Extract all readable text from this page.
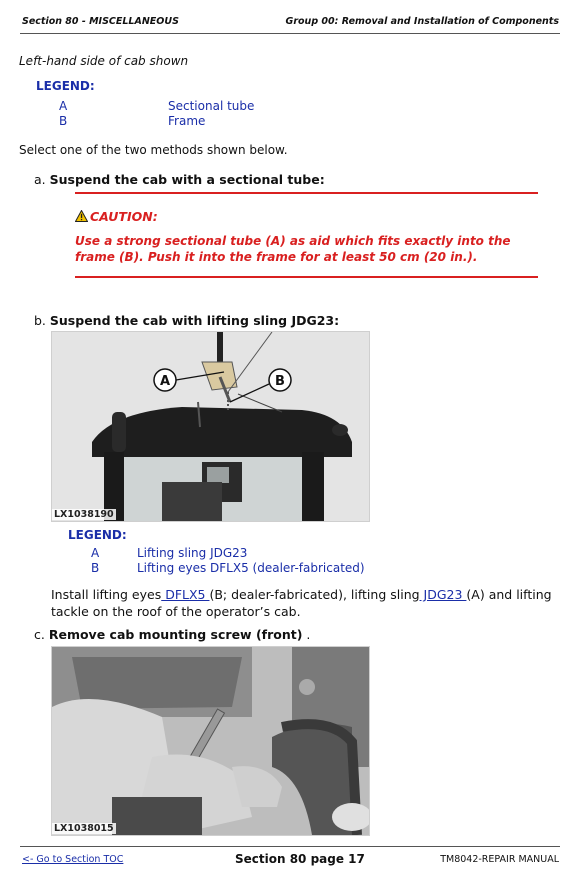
Section 80 - MISCELLANEOUS	Group 00: Removal and Installation of Components
Left-hand side of cab shown
LEGEND:
A	Sectional tube
B	Frame
Select one of the two methods shown below.
a. Suspend the cab with a sectional tube:
CAUTION:
Use a strong sectional tube (A) as aid which fits exactly into the frame (B). Push it into the frame for at least 50 cm (20 in.).
b. Suspend the cab with lifting sling JDG23:
A	B
LX1038190
LEGEND:
A	Lifting sling JDG23
B	Lifting eyes DFLX5 (dealer-fabricated)
Install lifting eyes DFLX5 (B; dealer-fabricated), lifting sling JDG23 (A) and lifting tackle on the roof of the operator’s cab.
c. Remove cab mounting screw (front) .
LX1038015
<- Go to Section TOC	Section 80 page 17	TM8042-REPAIR MANUAL
